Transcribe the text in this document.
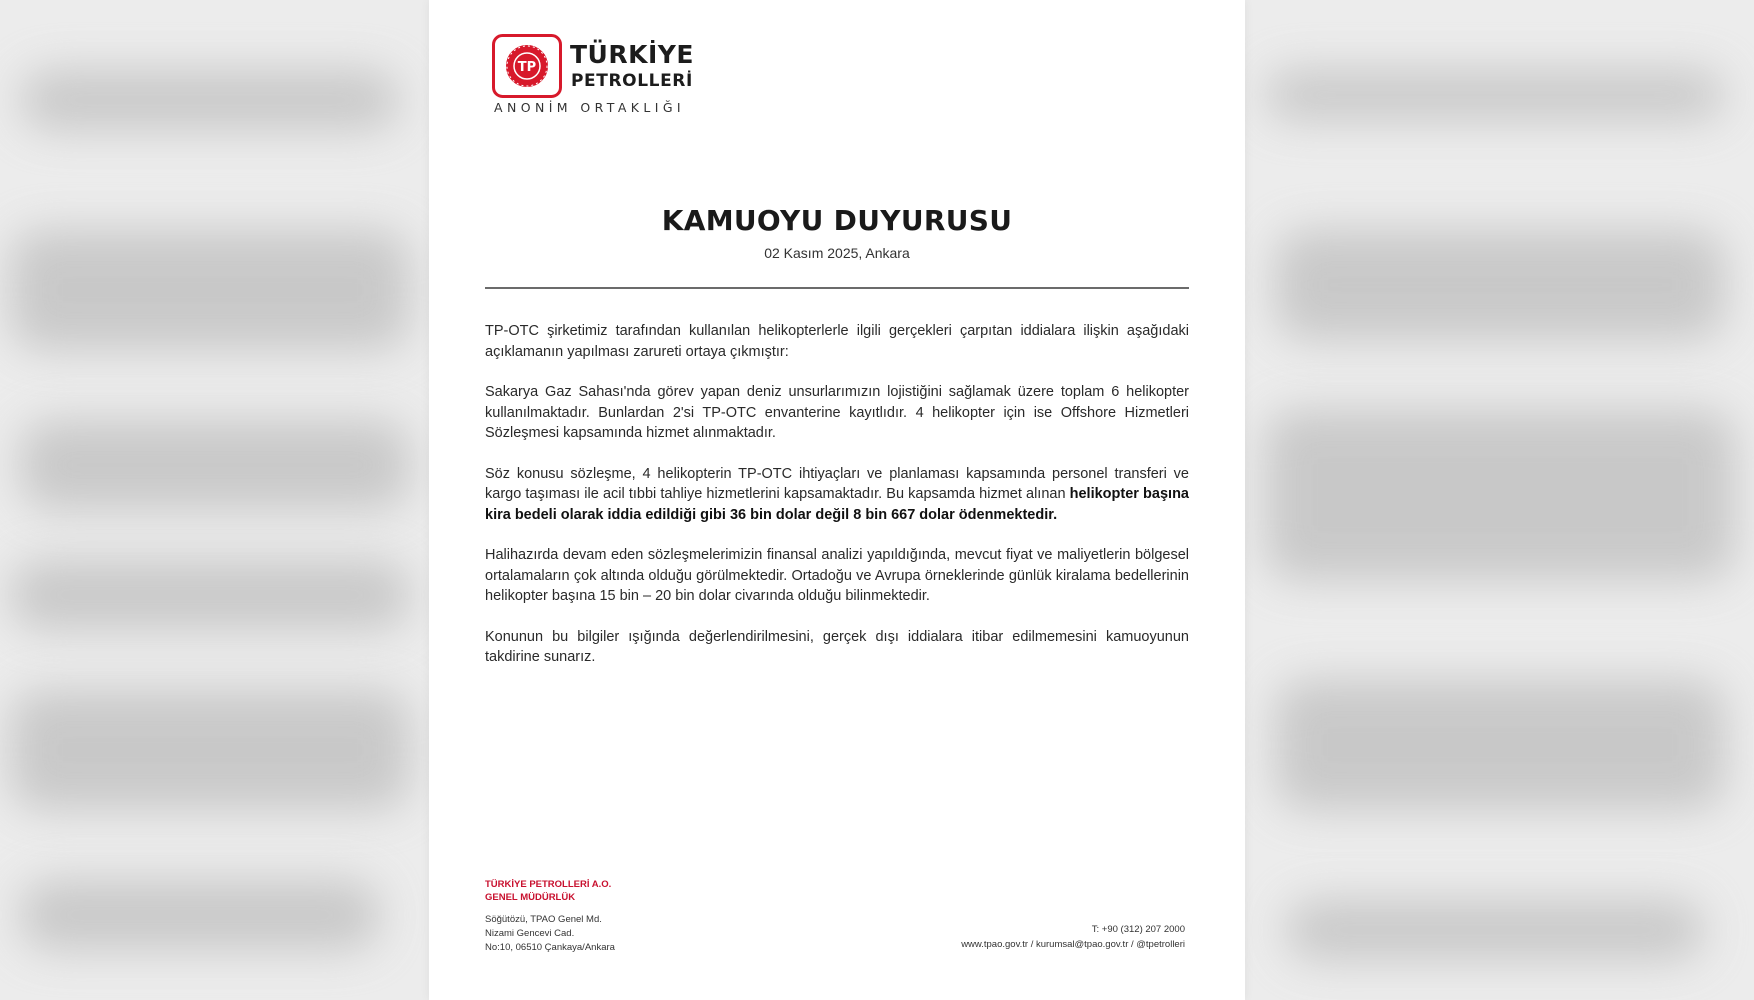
TP TÜRKİYE
PETROLLERİ
ANONİM ORTAKLIĞI
KAMUOYU DUYURUSU
02 Kasım 2025, Ankara

TP-OTC şirketimiz tarafından kullanılan helikopterlerle ilgili gerçekleri çarpıtan iddialara ilişkin aşağıdaki açıklamanın yapılması zarureti ortaya çıkmıştır:

Sakarya Gaz Sahası'nda görev yapan deniz unsurlarımızın lojistiğini sağlamak üzere toplam 6 helikopter kullanılmaktadır. Bunlardan 2'si TP-OTC envanterine kayıtlıdır. 4 helikopter için ise Offshore Hizmetleri Sözleşmesi kapsamında hizmet alınmaktadır.

Söz konusu sözleşme, 4 helikopterin TP-OTC ihtiyaçları ve planlaması kapsamında personel transferi ve kargo taşıması ile acil tıbbi tahliye hizmetlerini kapsamaktadır. Bu kapsamda hizmet alınan helikopter başına kira bedeli olarak iddia edildiği gibi 36 bin dolar değil 8 bin 667 dolar ödenmektedir.

Halihazırda devam eden sözleşmelerimizin finansal analizi yapıldığında, mevcut fiyat ve maliyetlerin bölgesel ortalamaların çok altında olduğu görülmektedir. Ortadoğu ve Avrupa örneklerinde günlük kiralama bedellerinin helikopter başına 15 bin – 20 bin dolar civarında olduğu bilinmektedir.

Konunun bu bilgiler ışığında değerlendirilmesini, gerçek dışı iddialara itibar edilmemesini kamuoyunun takdirine sunarız.

TÜRKİYE PETROLLERİ A.O.
GENEL MÜDÜRLÜK
Söğütözü, TPAO Genel Md.
Nizami Gencevi Cad.
No:10, 06510 Çankaya/Ankara
T: +90 (312) 207 2000
www.tpao.gov.tr / kurumsal@tpao.gov.tr / @tpetrolleri
